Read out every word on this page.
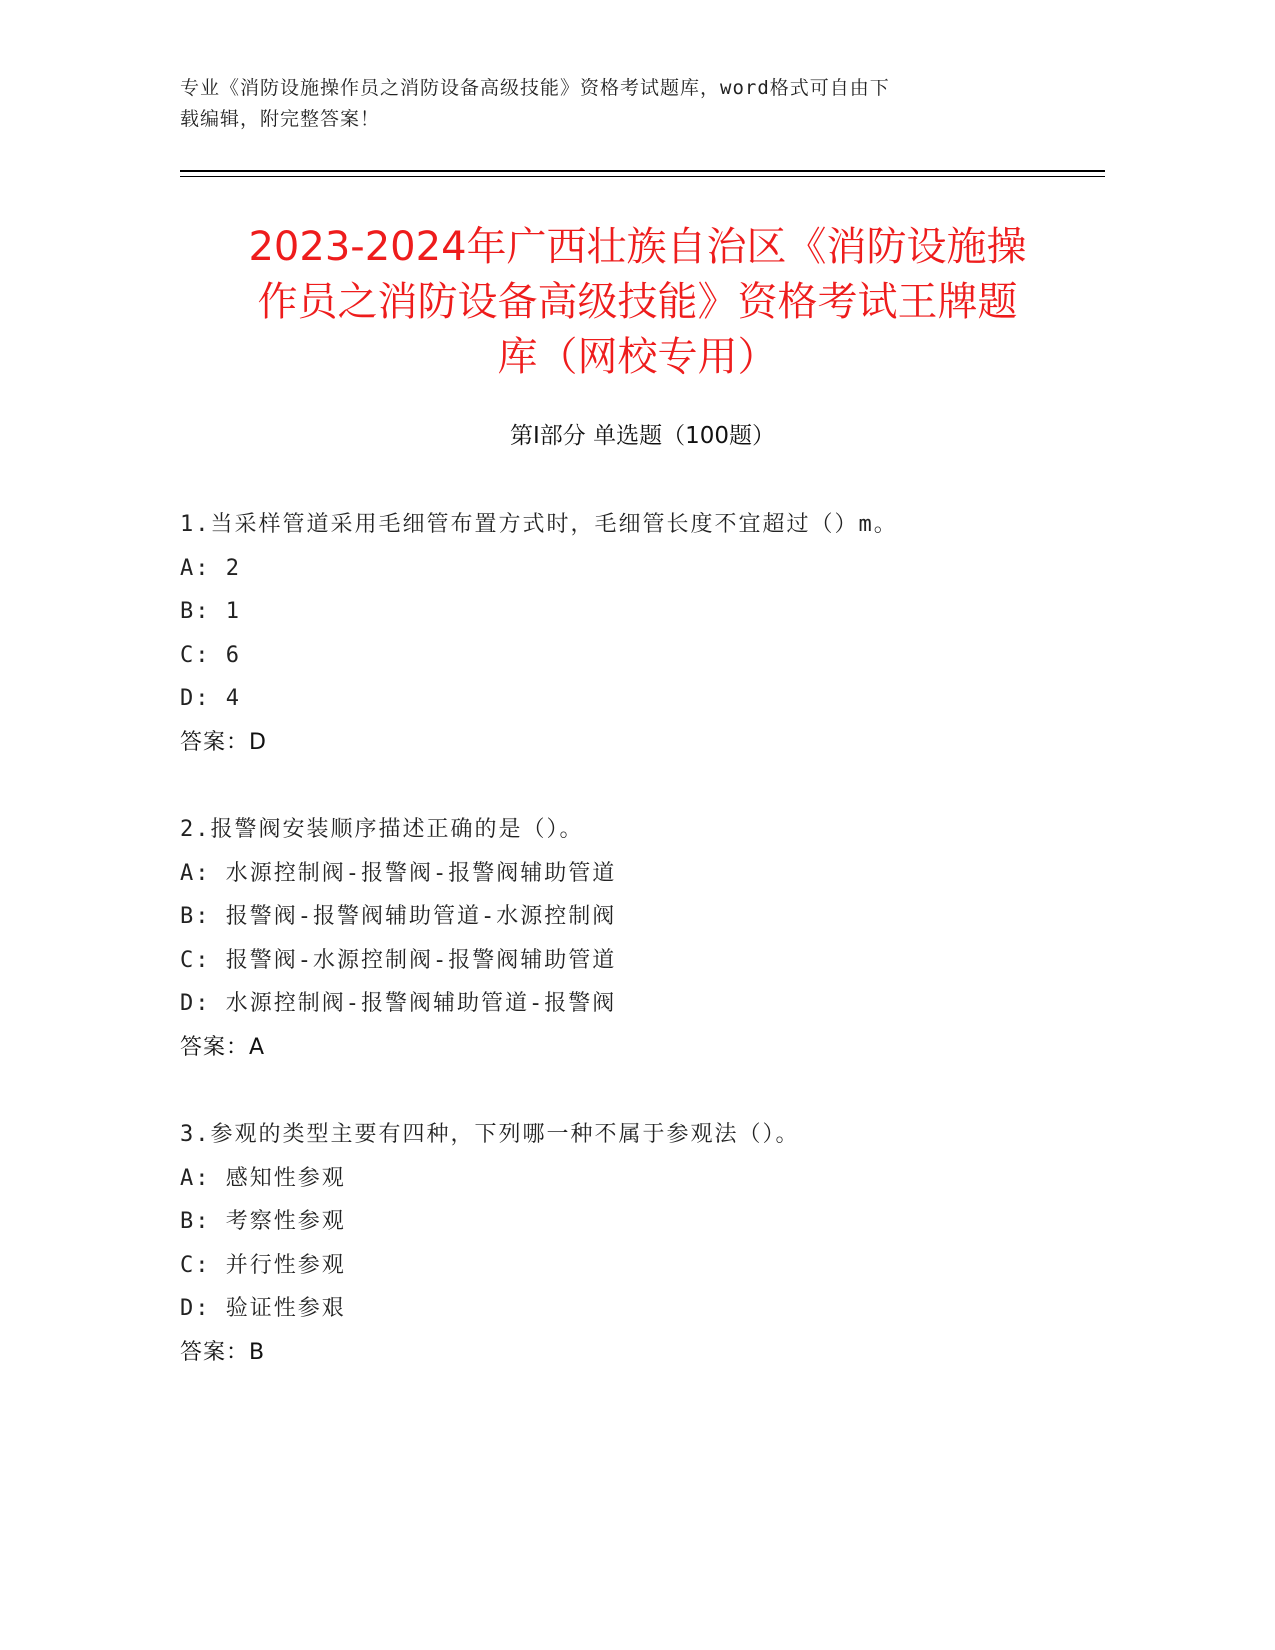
专业《消防设施操作员之消防设备高级技能》资格考试题库，word格式可自由下
载编辑，附完整答案！
2023-2024年广西壮族自治区《消防设施操
作员之消防设备高级技能》资格考试王牌题
库（网校专用）
第Ⅰ部分 单选题（100题）
1.当采样管道采用毛细管布置方式时，毛细管长度不宜超过（）m。
A: 2
B: 1
C: 6
D: 4
答案：D
2.报警阀安装顺序描述正确的是（）。
A: 水源控制阀-报警阀-报警阀辅助管道
B: 报警阀-报警阀辅助管道-水源控制阀
C: 报警阀-水源控制阀-报警阀辅助管道
D: 水源控制阀-报警阀辅助管道-报警阀
答案：A
3.参观的类型主要有四种，下列哪一种不属于参观法（）。
A: 感知性参观
B: 考察性参观
C: 并行性参观
D: 验证性参艰
答案：B
